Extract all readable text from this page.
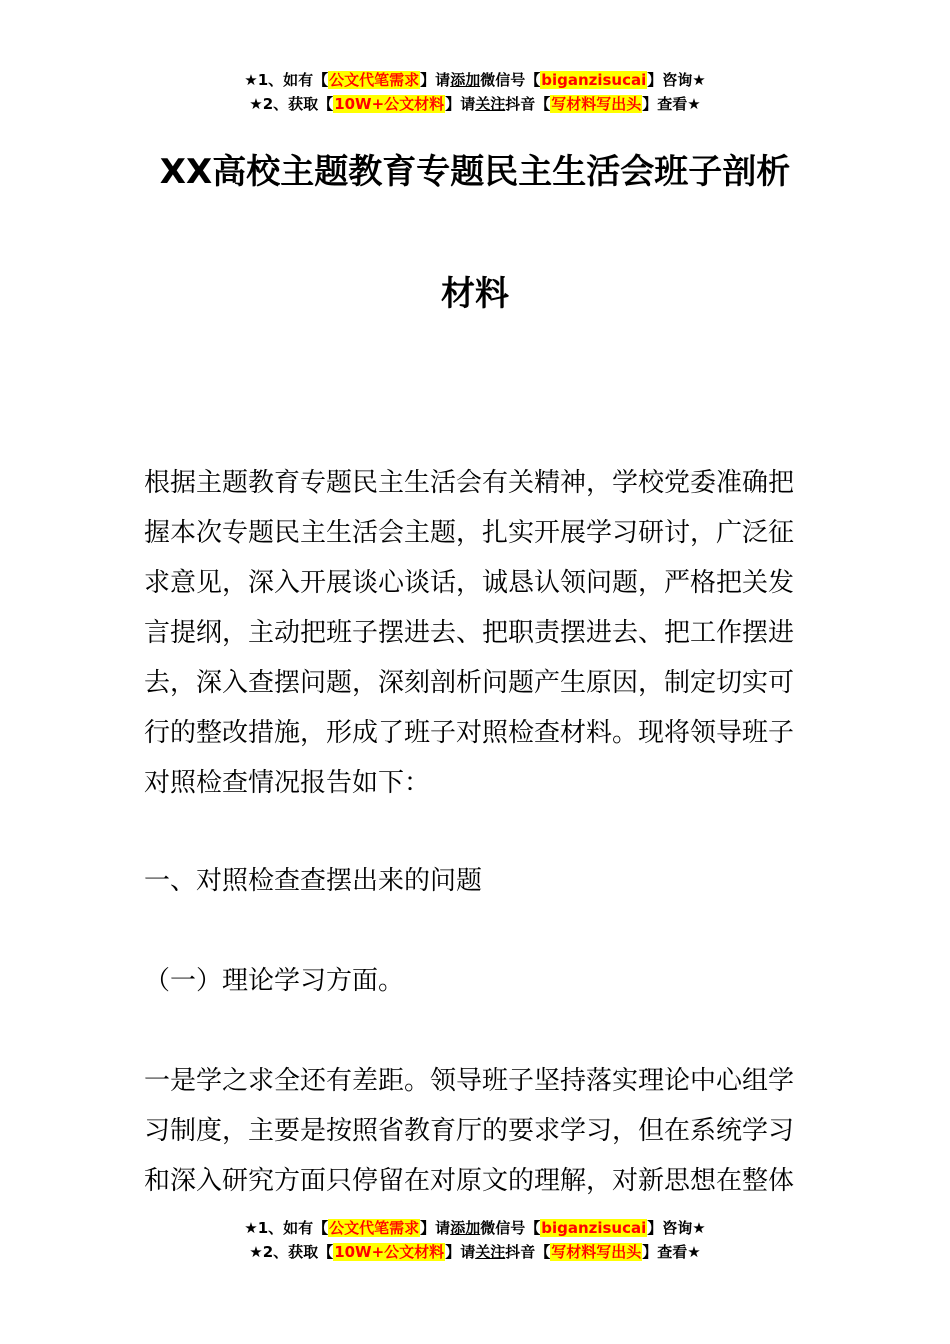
★1、如有【公文代笔需求】请添加微信号【biganzisucai】咨询★
★2、获取【10W+公文材料】请关注抖音【写材料写出头】查看★
XX高校主题教育专题民主生活会班子剖析
材料
根据主题教育专题民主生活会有关精神，学校党委准确把
握本次专题民主生活会主题，扎实开展学习研讨，广泛征
求意见，深入开展谈心谈话，诚恳认领问题，严格把关发
言提纲，主动把班子摆进去、把职责摆进去、把工作摆进
去，深入查摆问题，深刻剖析问题产生原因，制定切实可
行的整改措施，形成了班子对照检查材料。现将领导班子
对照检查情况报告如下：
一、对照检查查摆出来的问题
（一）理论学习方面。
一是学之求全还有差距。领导班子坚持落实理论中心组学
习制度，主要是按照省教育厅的要求学习，但在系统学习
和深入研究方面只停留在对原文的理解，对新思想在整体
★1、如有【公文代笔需求】请添加微信号【biganzisucai】咨询★
★2、获取【10W+公文材料】请关注抖音【写材料写出头】查看★
